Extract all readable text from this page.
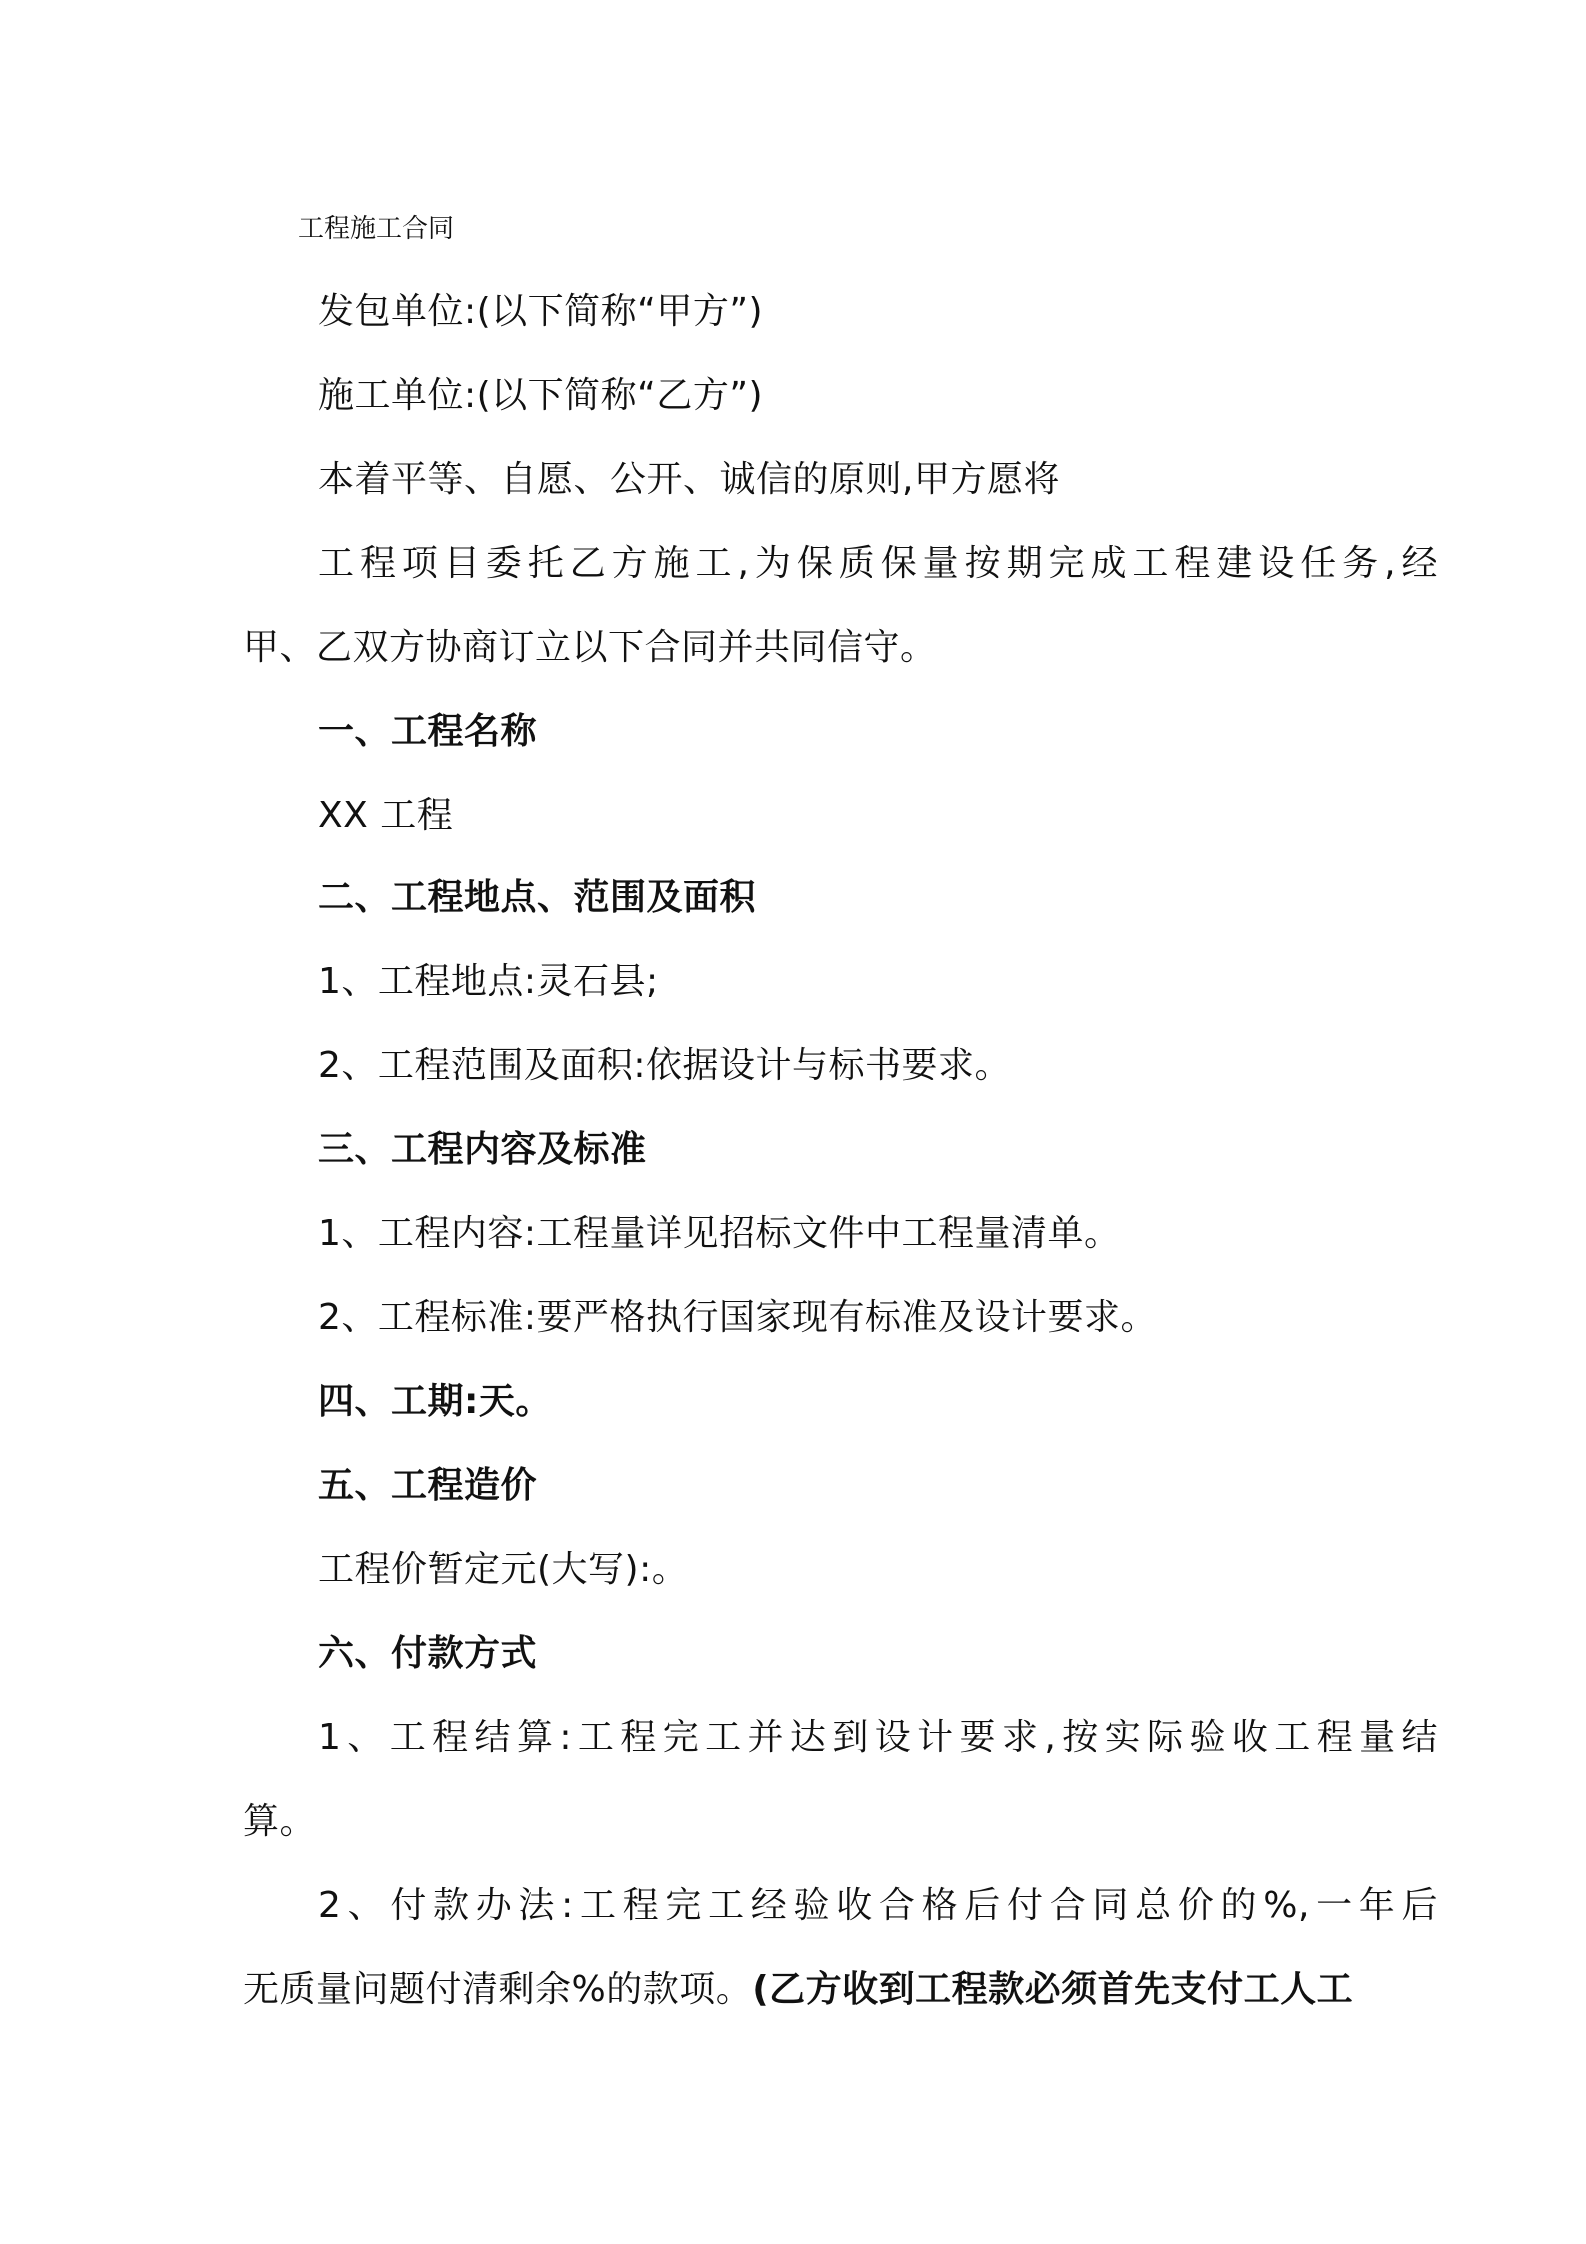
工程施工合同
发包单位:(以下简称“甲方”)
施工单位:(以下简称“乙方”)
本着平等、自愿、公开、诚信的原则,甲方愿将
工程项目委托乙方施工,为保质保量按期完成工程建设任务,经
甲、乙双方协商订立以下合同并共同信守。
一、工程名称
XX 工程
二、工程地点、范围及面积
1、工程地点:灵石县;
2、工程范围及面积:依据设计与标书要求。
三、工程内容及标准
1、工程内容:工程量详见招标文件中工程量清单。
2、工程标准:要严格执行国家现有标准及设计要求。
四、工期:天。
五、工程造价
工程价暂定元(大写):。
六、付款方式
1、工程结算:工程完工并达到设计要求,按实际验收工程量结
算。
2、付款办法:工程完工经验收合格后付合同总价的%,一年后
无质量问题付清剩余%的款项。(乙方收到工程款必须首先支付工人工
